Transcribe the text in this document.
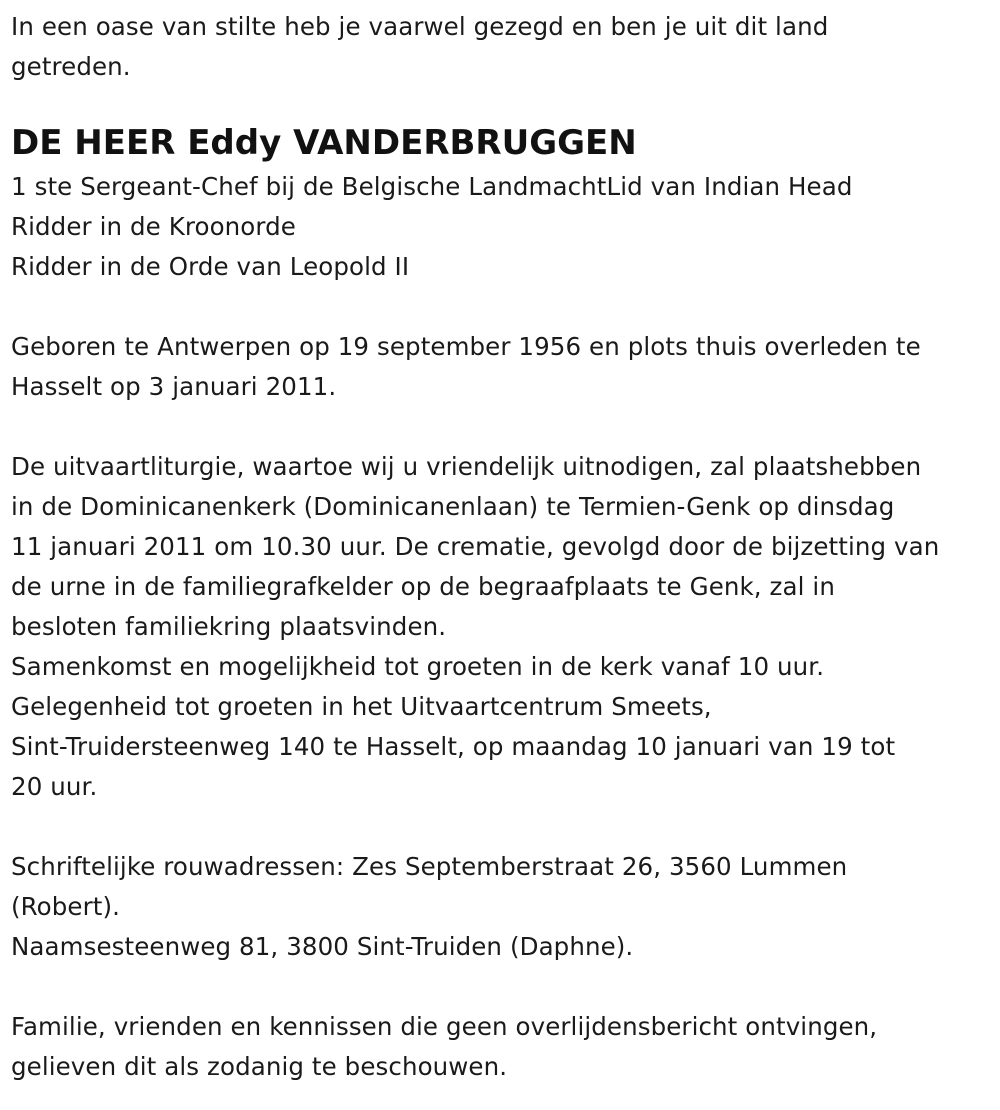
In een oase van stilte heb je vaarwel gezegd en ben je uit dit land
getreden.
DE HEER Eddy VANDERBRUGGEN
1 ste Sergeant-Chef bij de Belgische LandmachtLid van Indian Head
Ridder in de Kroonorde
Ridder in de Orde van Leopold II
Geboren te Antwerpen op 19 september 1956 en plots thuis overleden te
Hasselt op 3 januari 2011.
De uitvaartliturgie, waartoe wij u vriendelijk uitnodigen, zal plaatshebben
in de Dominicanenkerk (Dominicanenlaan) te Termien-Genk op dinsdag
11 januari 2011 om 10.30 uur. De crematie, gevolgd door de bijzetting van
de urne in de familiegrafkelder op de begraafplaats te Genk, zal in
besloten familiekring plaatsvinden.
Samenkomst en mogelijkheid tot groeten in de kerk vanaf 10 uur.
Gelegenheid tot groeten in het Uitvaartcentrum Smeets,
Sint-Truidersteenweg 140 te Hasselt, op maandag 10 januari van 19 tot
20 uur.
Schriftelijke rouwadressen: Zes Septemberstraat 26, 3560 Lummen
(Robert).
Naamsesteenweg 81, 3800 Sint-Truiden (Daphne).
Familie, vrienden en kennissen die geen overlijdensbericht ontvingen,
gelieven dit als zodanig te beschouwen.
